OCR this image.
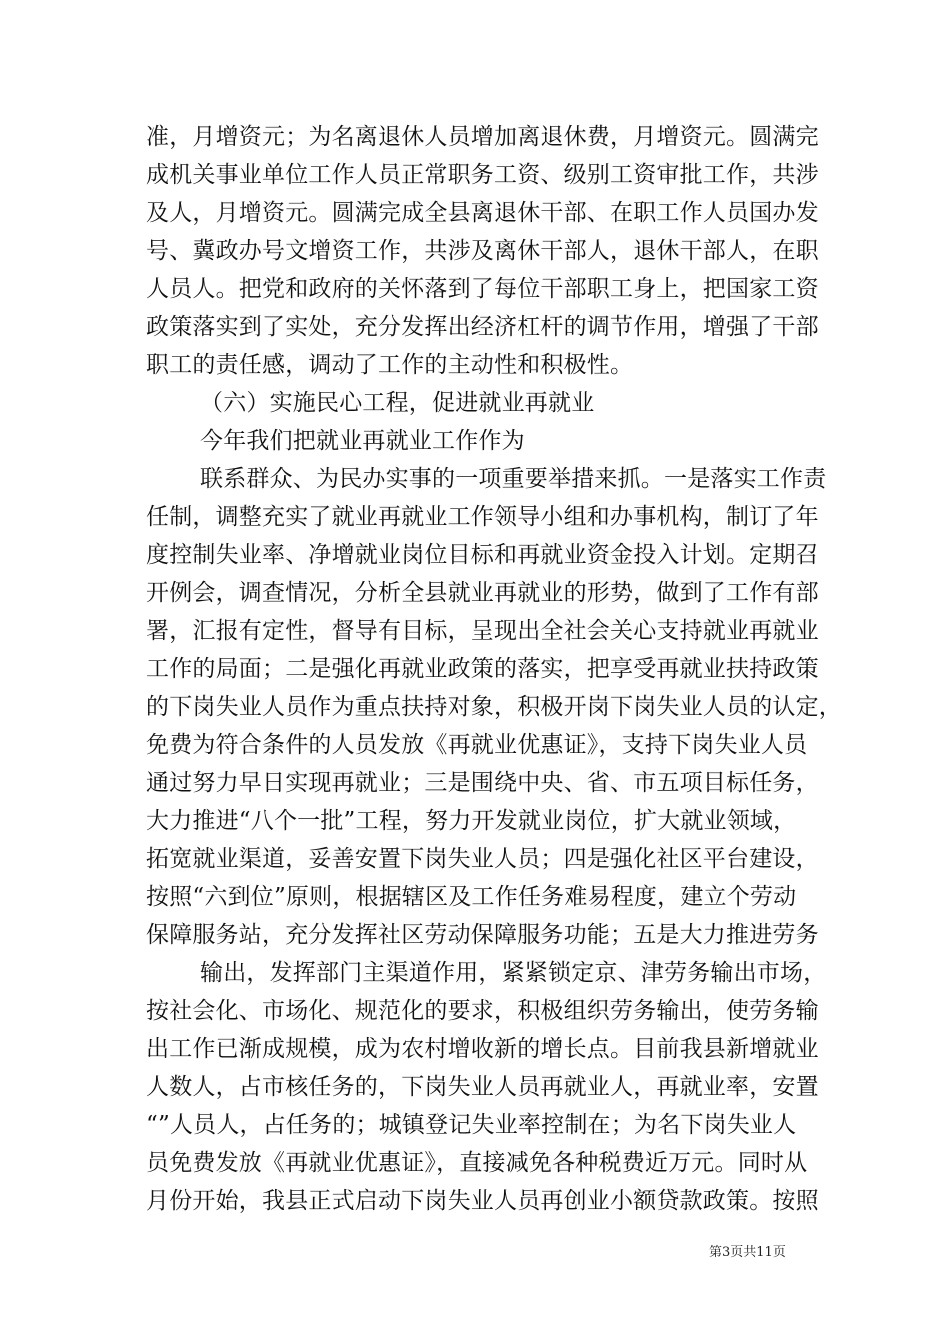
准，月增资元；为名离退休人员增加离退休费，月增资元。圆满完
成机关事业单位工作人员正常职务工资、级别工资审批工作，共涉
及人，月增资元。圆满完成全县离退休干部、在职工作人员国办发
号、冀政办号文增资工作，共涉及离休干部人，退休干部人，在职
人员人。把党和政府的关怀落到了每位干部职工身上，把国家工资
政策落实到了实处，充分发挥出经济杠杆的调节作用，增强了干部
职工的责任感，调动了工作的主动性和积极性。
（六）实施民心工程，促进就业再就业
今年我们把就业再就业工作作为
联系群众、为民办实事的一项重要举措来抓。一是落实工作责
任制，调整充实了就业再就业工作领导小组和办事机构，制订了年
度控制失业率、净增就业岗位目标和再就业资金投入计划。定期召
开例会，调查情况，分析全县就业再就业的形势，做到了工作有部
署，汇报有定性，督导有目标，呈现出全社会关心支持就业再就业
工作的局面；二是强化再就业政策的落实，把享受再就业扶持政策
的下岗失业人员作为重点扶持对象，积极开岗下岗失业人员的认定，
免费为符合条件的人员发放《再就业优惠证》，支持下岗失业人员
通过努力早日实现再就业；三是围绕中央、省、市五项目标任务，
大力推进“八个一批”工程，努力开发就业岗位，扩大就业领域，
拓宽就业渠道，妥善安置下岗失业人员；四是强化社区平台建设，
按照“六到位”原则，根据辖区及工作任务难易程度，建立个劳动
保障服务站，充分发挥社区劳动保障服务功能；五是大力推进劳务
输出，发挥部门主渠道作用，紧紧锁定京、津劳务输出市场，
按社会化、市场化、规范化的要求，积极组织劳务输出，使劳务输
出工作已渐成规模，成为农村增收新的增长点。目前我县新增就业
人数人，占市核任务的，下岗失业人员再就业人，再就业率，安置
“”人员人，占任务的；城镇登记失业率控制在；为名下岗失业人
员免费发放《再就业优惠证》，直接减免各种税费近万元。同时从
月份开始，我县正式启动下岗失业人员再创业小额贷款政策。按照
第3页共11页
